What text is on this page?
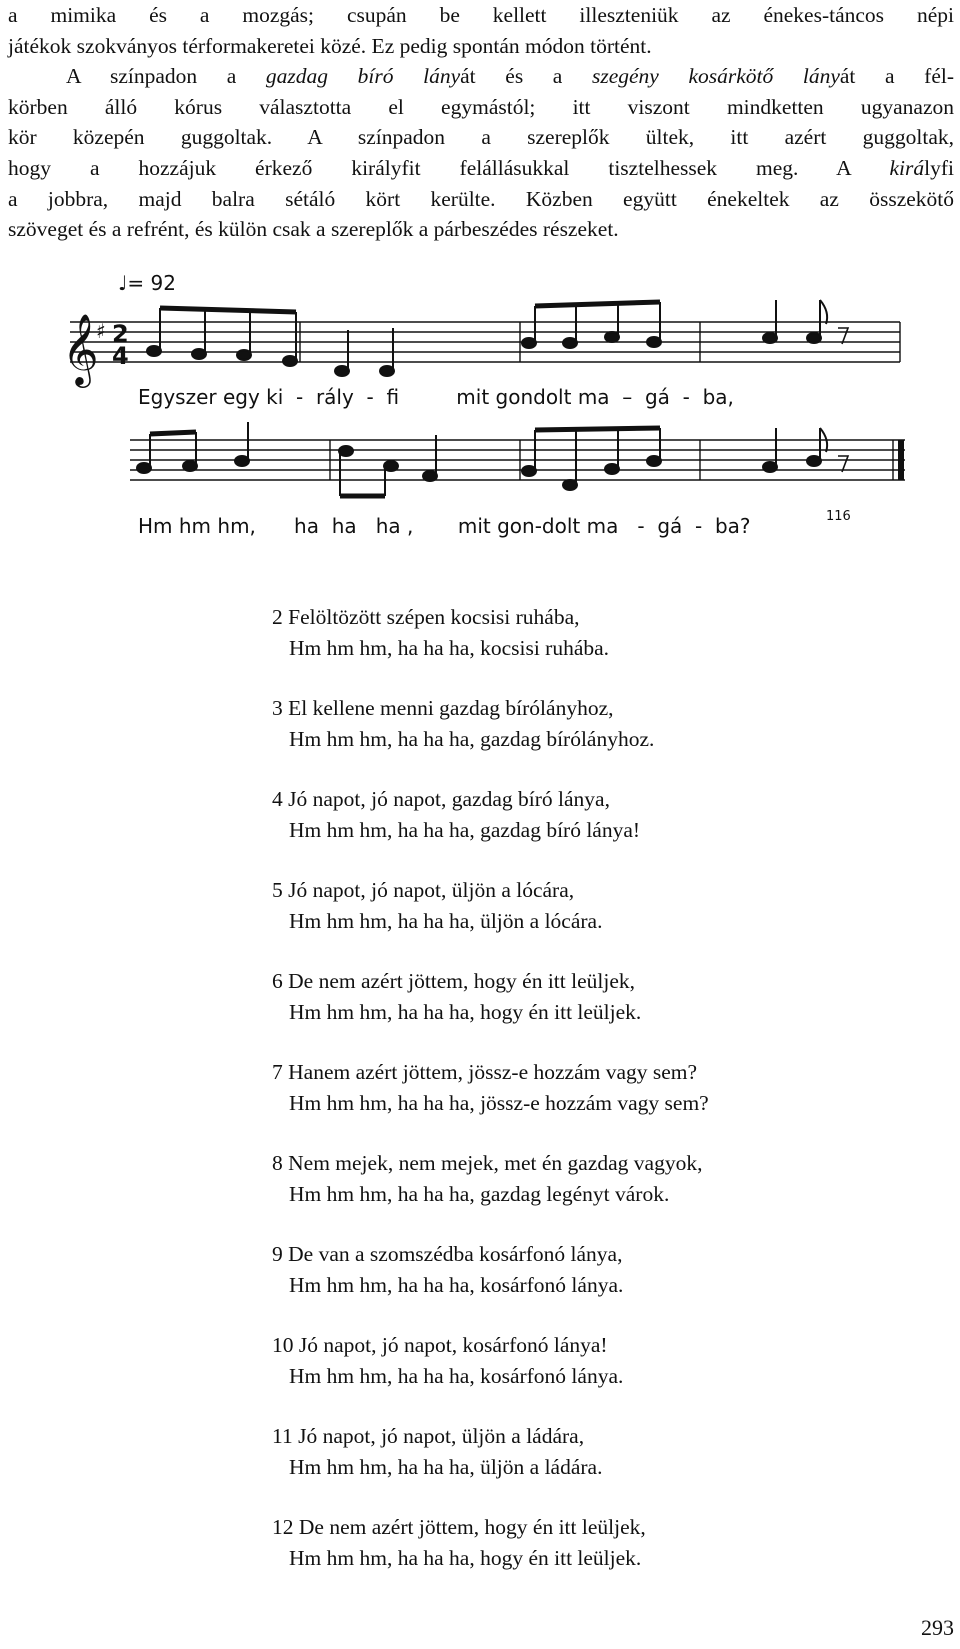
a mimika és a mozgás; csupán be kellett illeszteniük az énekes-táncos népi
játékok szokványos térformakeretei közé. Ez pedig spontán módon történt.
A színpadon a gazdag bíró lányát és a szegény kosárkötő lányát a fél-
körben álló kórus választotta el egymástól; itt viszont mindketten ugyanazon
kör közepén guggoltak. A színpadon a szereplők ültek, itt azért guggoltak,
hogy a hozzájuk érkező királyfit felállásukkal tisztelhessek meg. A királyfi
a jobbra, majd balra sétáló kört kerülte. Közben együtt énekeltek az összekötő
szöveget és a refrént, és külön csak a szereplők a párbeszédes részeket.
𝄞
♯ 2
4
♩= 92
Egyszer egy ki  -  rály  -  fi         mit gondolt ma  –  gá  -  ba,
Hm hm hm,      ha  ha   ha ,       mit gon-dolt ma   -  gá  -  ba?	116
2 Felöltözött szépen kocsisi ruhába,
Hm hm hm, ha ha ha, kocsisi ruhába.
3 El kellene menni gazdag bírólányhoz,
Hm hm hm, ha ha ha, gazdag bírólányhoz.
4 Jó napot, jó napot, gazdag bíró lánya,
Hm hm hm, ha ha ha, gazdag bíró lánya!
5 Jó napot, jó napot, üljön a lócára,
Hm hm hm, ha ha ha, üljön a lócára.
6 De nem azért jöttem, hogy én itt leüljek,
Hm hm hm, ha ha ha, hogy én itt leüljek.
7 Hanem azért jöttem, jössz-e hozzám vagy sem?
Hm hm hm, ha ha ha, jössz-e hozzám vagy sem?
8 Nem mejek, nem mejek, met én gazdag vagyok,
Hm hm hm, ha ha ha, gazdag legényt várok.
9 De van a szomszédba kosárfonó lánya,
Hm hm hm, ha ha ha, kosárfonó lánya.
10 Jó napot, jó napot, kosárfonó lánya!
Hm hm hm, ha ha ha, kosárfonó lánya.
11 Jó napot, jó napot, üljön a ládára,
Hm hm hm, ha ha ha, üljön a ládára.
12 De nem azért jöttem, hogy én itt leüljek,
Hm hm hm, ha ha ha, hogy én itt leüljek.
293
